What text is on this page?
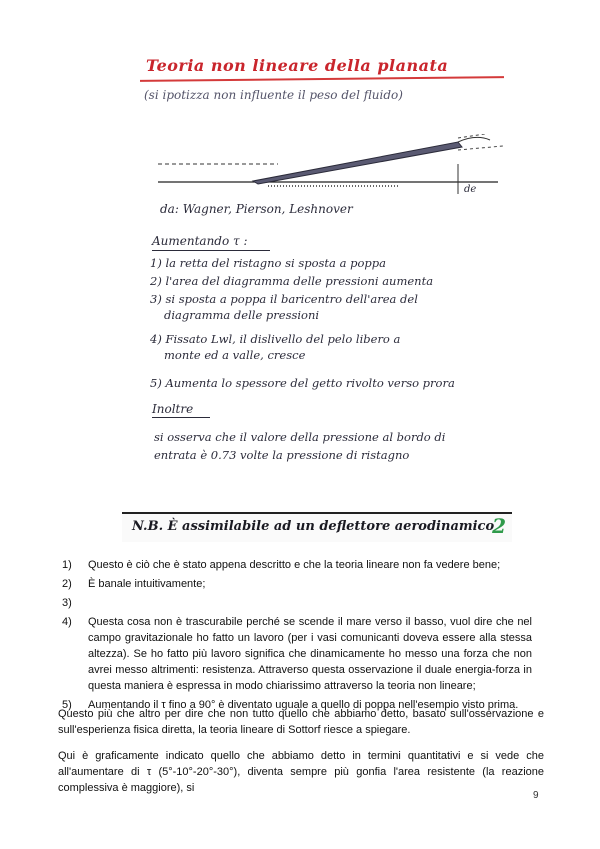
Teoria non lineare della planata
(si ipotizza non influente il peso del fluido)
de
da: Wagner, Pierson, Leshnover
Aumentando τ :
1) la retta del ristagno si sposta a poppa
2) l'area del diagramma delle pressioni aumenta
3) si sposta a poppa il baricentro dell'area del
diagramma delle pressioni
4) Fissato Lwl, il dislivello del pelo libero a
monte ed a valle, cresce
5) Aumenta lo spessore del getto rivolto verso prora
Inoltre
si osserva che il valore della pressione al bordo di
entrata è 0.73 volte la pressione di ristagno
N.B. È assimilabile ad un deflettore aerodinamico
2
1) Questo è ciò che è stato appena descritto e che la teoria lineare non fa vedere bene;
2) È banale intuitivamente;
3)

4) Questa cosa non è trascurabile perché se scende il mare verso il basso, vuol dire che nel campo gravitazionale ho fatto un lavoro (per i vasi comunicanti doveva essere alla stessa altezza). Se ho fatto più lavoro significa che dinamicamente ho messo una forza che non avrei messo altrimenti: resistenza. Attraverso questa osservazione il duale energia-forza in questa maniera è espressa in modo chiarissimo attraverso la teoria non lineare;
5) Aumentando il τ fino a 90° è diventato uguale a quello di poppa nell'esempio visto prima.

Questo più che altro per dire che non tutto quello che abbiamo detto, basato sull'osservazione e sull'esperienza fisica diretta, la teoria lineare di Sottorf riesce a spiegare.

Qui è graficamente indicato quello che abbiamo detto in termini quantitativi e si vede che all'aumentare di τ (5°-10°-20°-30°), diventa sempre più gonfia l'area resistente (la reazione complessiva è maggiore), si

9
